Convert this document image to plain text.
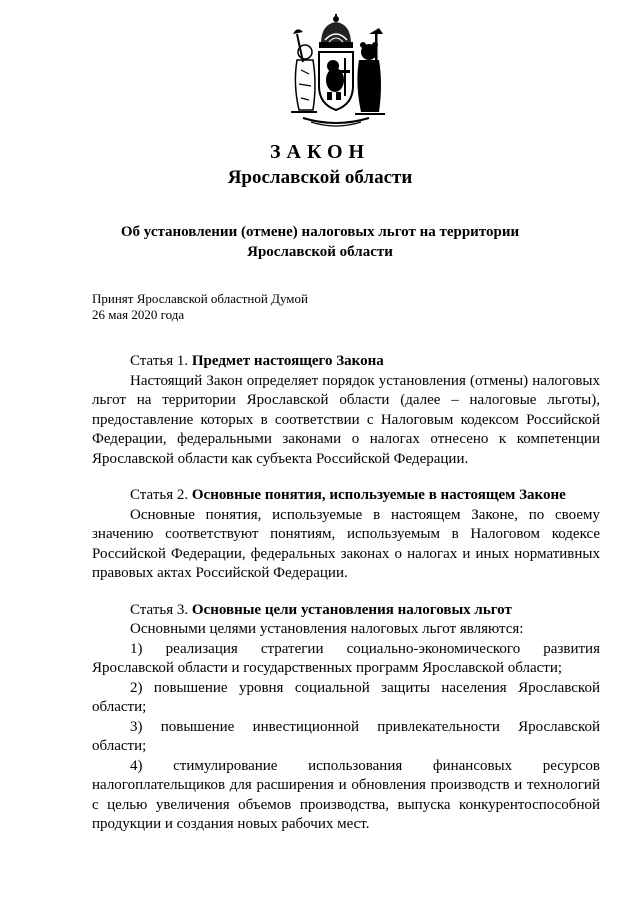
ЗАКОН
Ярославской области
Об установлении (отмене) налоговых льгот на территории Ярославской области
Принят Ярославской областной Думой
26 мая 2020 года

Статья 1. Предмет настоящего Закона

Настоящий Закон определяет порядок установления (отмены) налоговых льгот на территории Ярославской области (далее – налоговые льготы), предоставление которых в соответствии с Налоговым кодексом Российской Федерации, федеральными законами о налогах отнесено к компетенции Ярославской области как субъекта Российской Федерации.

Статья 2. Основные понятия, используемые в настоящем Законе

Основные понятия, используемые в настоящем Законе, по своему значению соответствуют понятиям, используемым в Налоговом кодексе Российской Федерации, федеральных законах о налогах и иных нормативных правовых актах Российской Федерации.

Статья 3. Основные цели установления налоговых льгот

Основными целями установления налоговых льгот являются:

1) реализация стратегии социально-экономического развития Ярославской области и государственных программ Ярославской области;

2) повышение уровня социальной защиты населения Ярославской области;

3) повышение инвестиционной привлекательности Ярославской области;

4) стимулирование использования финансовых ресурсов налогоплательщиков для расширения и обновления производств и технологий с целью увеличения объемов производства, выпуска конкурентоспособной продукции и создания новых рабочих мест.
